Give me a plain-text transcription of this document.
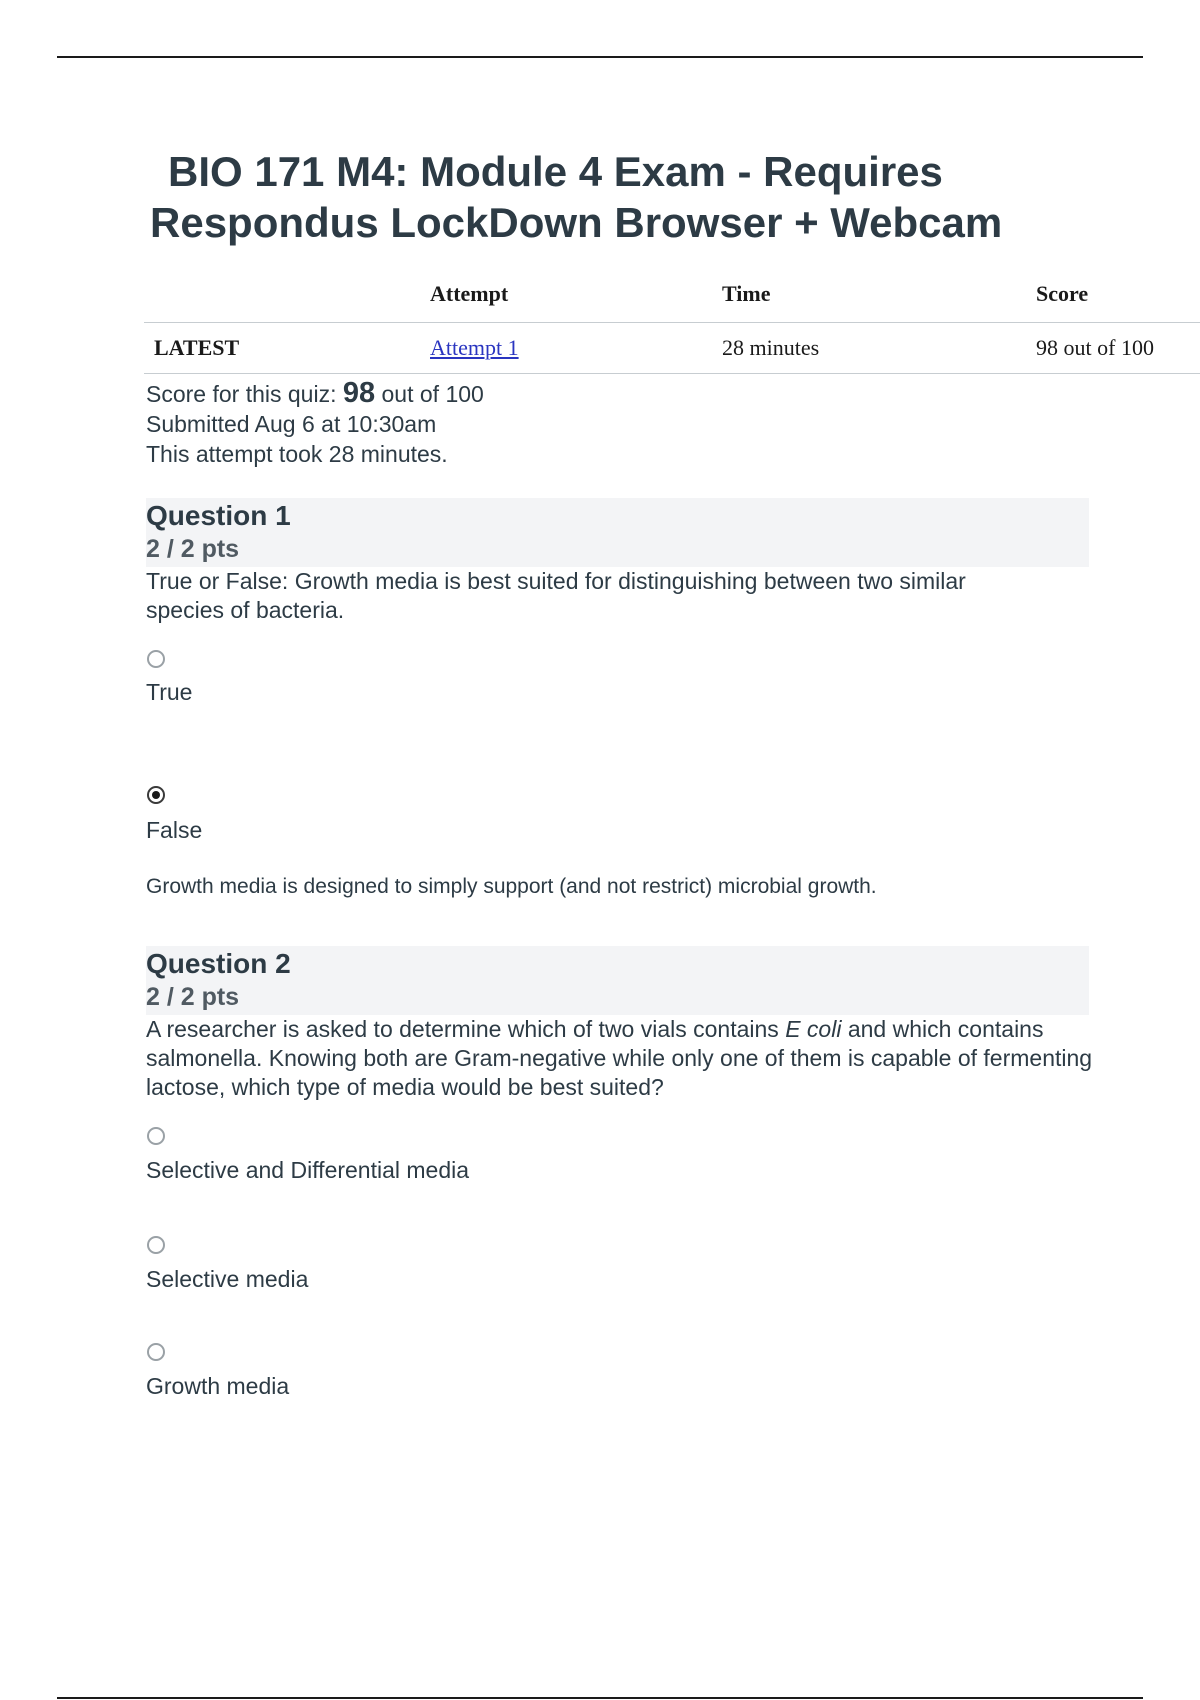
BIO 171 M4: Module 4 Exam - Requires
Respondus LockDown Browser + Webcam
	Attempt	Time	Score
LATEST	Attempt 1	28 minutes	98 out of 100
Score for this quiz: 98 out of 100
Submitted Aug 6 at 10:30am
This attempt took 28 minutes.
Question 1
2 / 2 pts

True or False: Growth media is best suited for distinguishing between two similar species of bacteria.

True
False
Growth media is designed to simply support (and not restrict) microbial growth.
Question 2
2 / 2 pts

A researcher is asked to determine which of two vials contains E coli and which contains salmonella. Knowing both are Gram-negative while only one of them is capable of fermenting lactose, which type of media would be best suited?

Selective and Differential media
Selective media
Growth media
